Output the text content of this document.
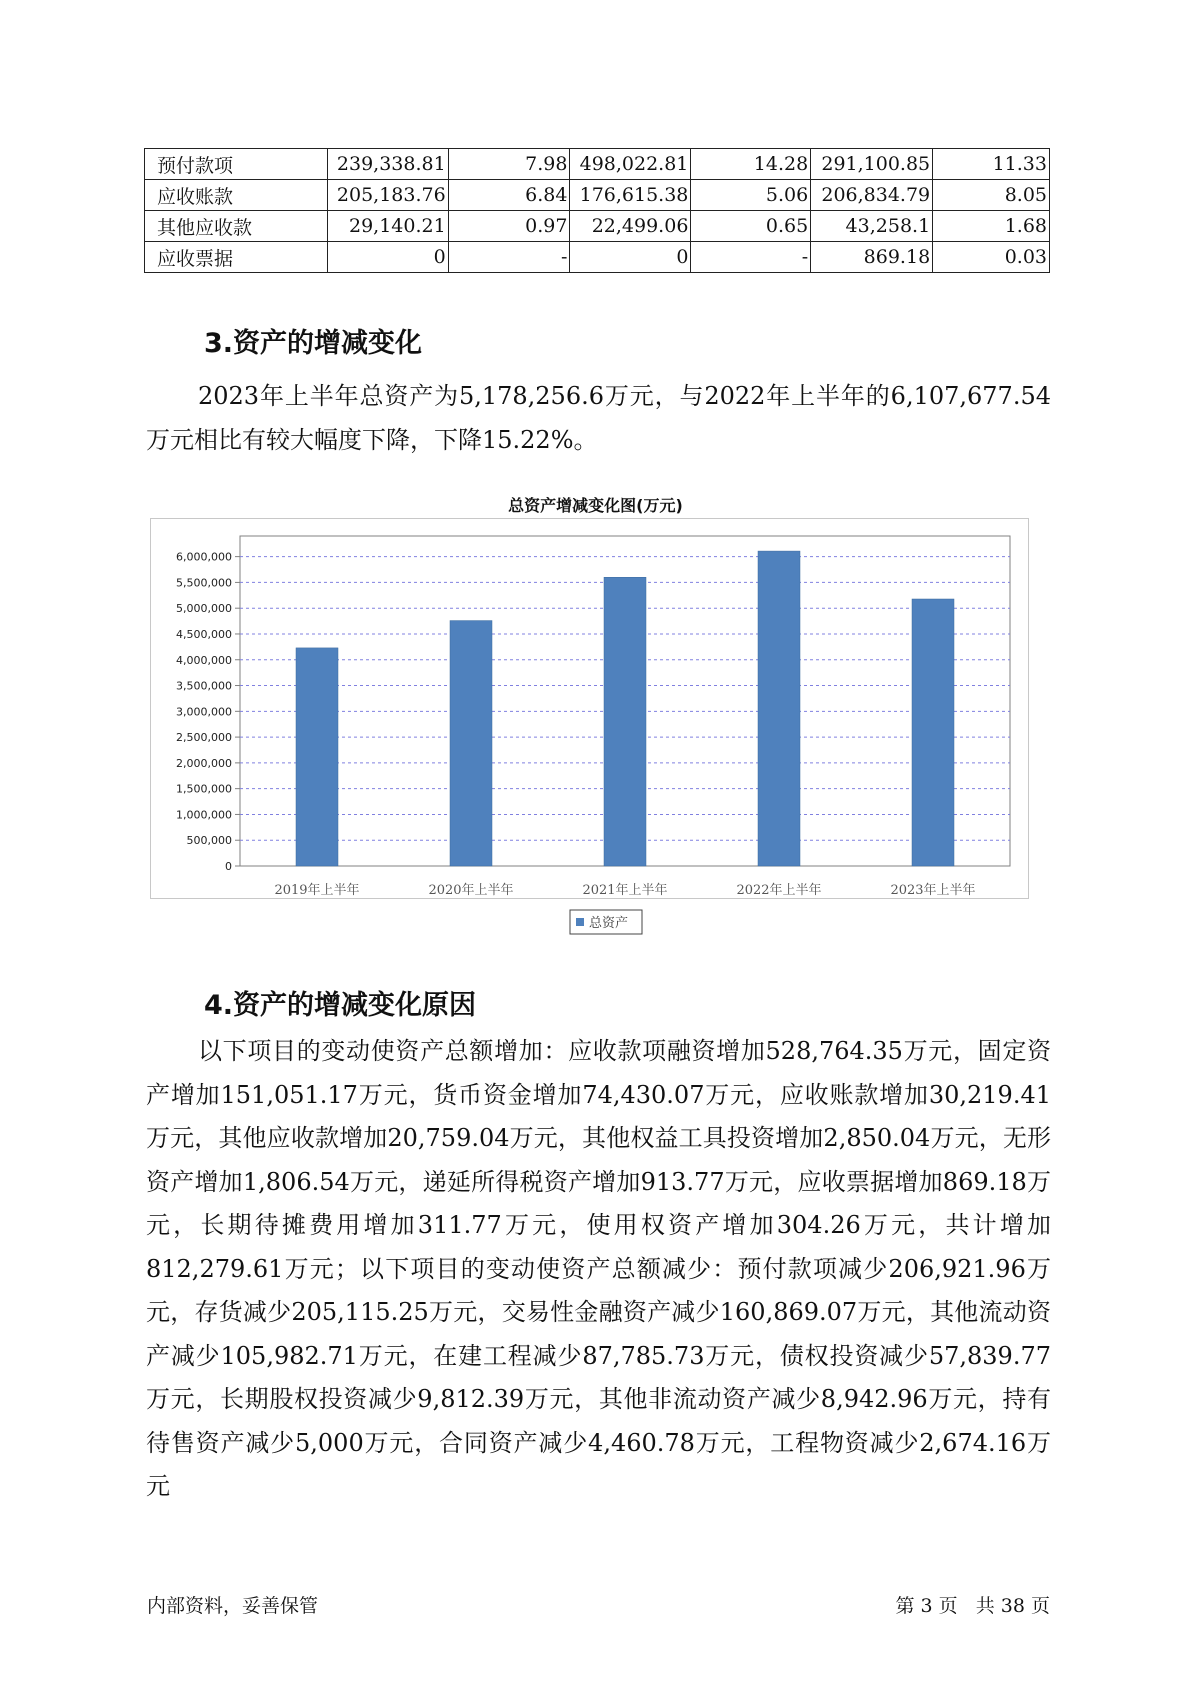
预付款项	239,338.81	7.98	498,022.81	14.28	291,100.85	11.33
应收账款	205,183.76	6.84	176,615.38	5.06	206,834.79	8.05
其他应收款	29,140.21	0.97	22,499.06	0.65	43,258.1	1.68
应收票据	0	-	0	-	869.18	0.03
3.资产的增减变化

2023年上半年总资产为5,178,256.6万元，与2022年上半年的6,107,677.54万元相比有较大幅度下降，下降15.22%。

总资产增减变化图(万元)
0
500,000
1,000,000
1,500,000
2,000,000
2,500,000
3,000,000
3,500,000
4,000,000
4,500,000
5,000,000
5,500,000
6,000,000
2019年上半年	2020年上半年	2021年上半年	2022年上半年	2023年上半年
总资产
4.资产的增减变化原因

以下项目的变动使资产总额增加：应收款项融资增加528,764.35万元，固定资产增加151,051.17万元，货币资金增加74,430.07万元，应收账款增加30,219.41万元，其他应收款增加20,759.04万元，其他权益工具投资增加2,850.04万元，无形资产增加1,806.54万元，递延所得税资产增加913.77万元，应收票据增加869.18万元，长期待摊费用增加311.77万元，使用权资产增加304.26万元，共计增加812,279.61万元；以下项目的变动使资产总额减少：预付款项减少206,921.96万元，存货减少205,115.25万元，交易性金融资产减少160,869.07万元，其他流动资产减少105,982.71万元，在建工程减少87,785.73万元，债权投资减少57,839.77万元，长期股权投资减少9,812.39万元，其他非流动资产减少8,942.96万元，持有待售资产减少5,000万元，合同资产减少4,460.78万元，工程物资减少2,674.16万元

内部资料，妥善保管	第 3 页   共 38 页
